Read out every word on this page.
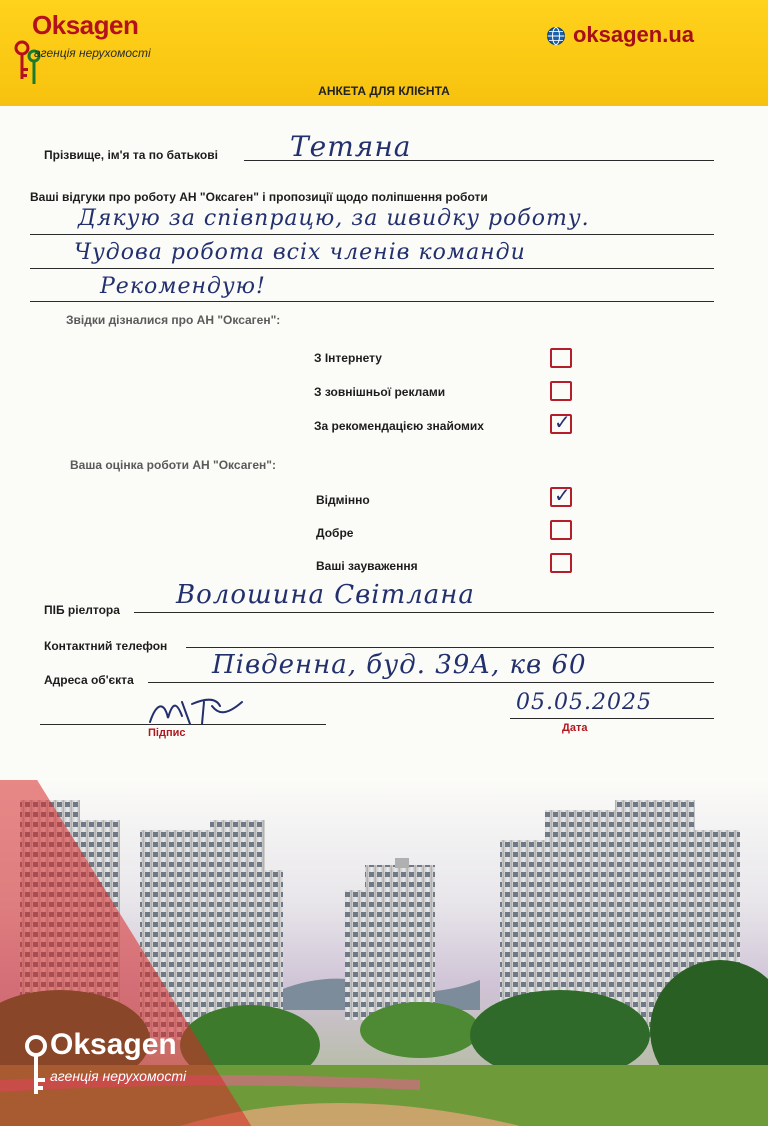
Oksagen
агенція нерухомості
oksagen.ua
АНКЕТА ДЛЯ КЛІЄНТА
Прізвище, ім'я та по батькові	Тетяна
Ваші відгуки про роботу АН "Оксаген" і пропозиції щодо поліпшення роботи
Дякую за співпрацю, за швидку роботу.
Чудова робота всіх членів команди
Рекомендую!
Звідки дізналися про АН "Оксаген":
З Інтернету
З зовнішньої реклами
За рекомендацією знайомих	✓
Ваша оцінка роботи АН "Оксаген":
Відмінно	✓
Добре
Ваші зауваження
ПІБ ріелтора Волошина Світлана
Контактний телефон
Адреса об'єкта	Південна, буд. 39А, кв 60
Підпис
05.05.2025
Дата
Oksagen
агенція нерухомості
